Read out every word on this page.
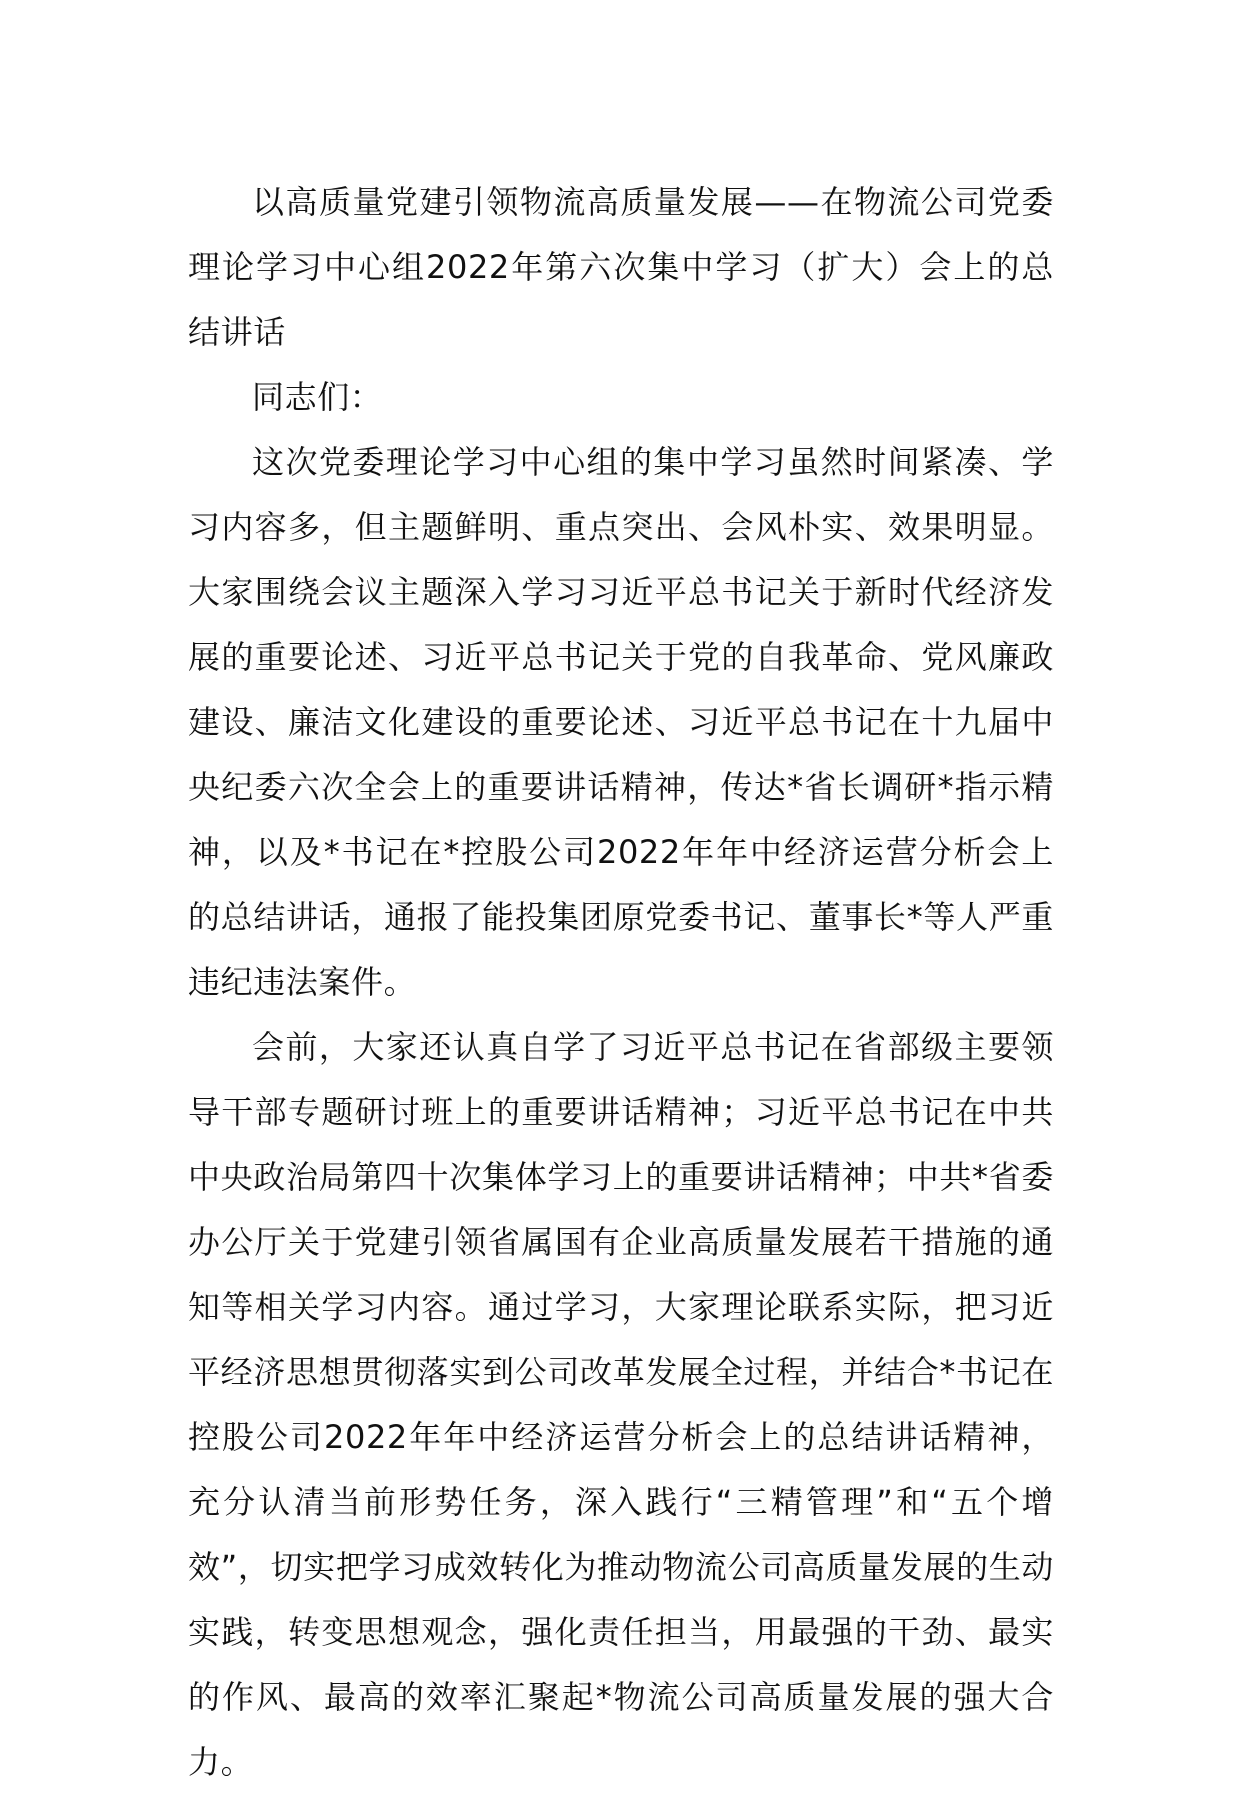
以高质量党建引领物流高质量发展——在物流公司党委理论学习中心组2022年第六次集中学习（扩大）会上的总结讲话

同志们：

这次党委理论学习中心组的集中学习虽然时间紧凑、学习内容多，但主题鲜明、重点突出、会风朴实、效果明显。大家围绕会议主题深入学习习近平总书记关于新时代经济发展的重要论述、习近平总书记关于党的自我革命、党风廉政建设、廉洁文化建设的重要论述、习近平总书记在十九届中央纪委六次全会上的重要讲话精神，传达*省长调研*指示精神，以及*书记在*控股公司2022年年中经济运营分析会上的总结讲话，通报了能投集团原党委书记、董事长*等人严重违纪违法案件。

会前，大家还认真自学了习近平总书记在省部级主要领导干部专题研讨班上的重要讲话精神；习近平总书记在中共中央政治局第四十次集体学习上的重要讲话精神；中共*省委办公厅关于党建引领省属国有企业高质量发展若干措施的通知等相关学习内容。通过学习，大家理论联系实际，把习近平经济思想贯彻落实到公司改革发展全过程，并结合*书记在控股公司2022年年中经济运营分析会上的总结讲话精神，充分认清当前形势任务，深入践行“三精管理”和“五个增效”，切实把学习成效转化为推动物流公司高质量发展的生动实践，转变思想观念，强化责任担当，用最强的干劲、最实的作风、最高的效率汇聚起*物流公司高质量发展的强大合力。
